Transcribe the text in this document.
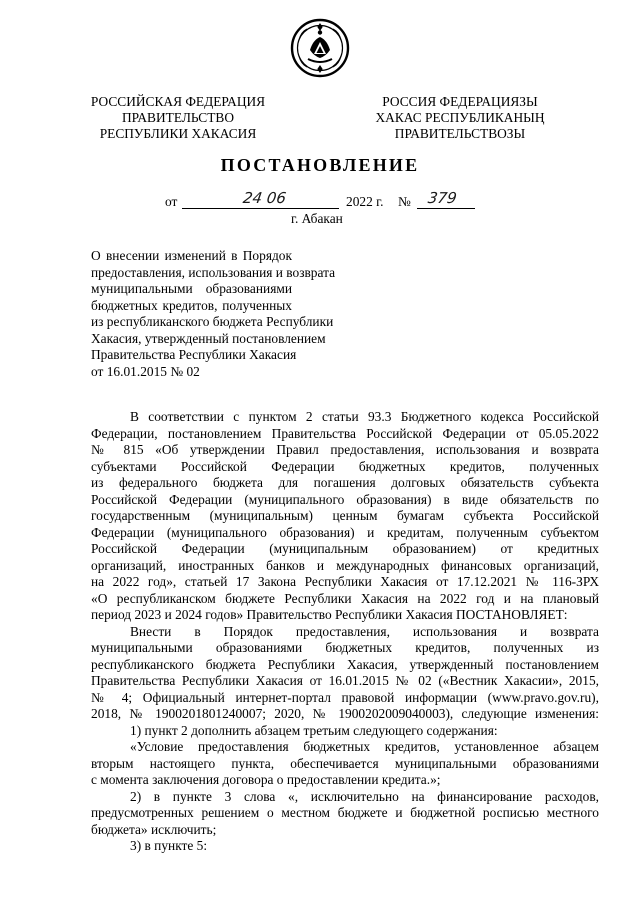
РОССИЙСКАЯ ФЕДЕРАЦИЯ
ПРАВИТЕЛЬСТВО
РЕСПУБЛИКИ ХАКАСИЯ
РОССИЯ ФЕДЕРАЦИЯЗЫ
ХАКАС РЕСПУБЛИКАНЫҢ
ПРАВИТЕЛЬСТВОЗЫ
ПОСТАНОВЛЕНИЕ
от	24 06	2022 г. № 379
г. Абакан
О внесении изменений в Порядок
предоставления, использования и возврата
муниципальными образованиями
бюджетных кредитов, полученных
из республиканского бюджета Республики
Хакасия, утвержденный постановлением
Правительства Республики Хакасия
от 16.01.2015 № 02
В соответствии с пунктом 2 статьи 93.3 Бюджетного кодекса Российской
Федерации, постановлением Правительства Российской Федерации от 05.05.2022
№ 815 «Об утверждении Правил предоставления, использования и возврата
субъектами Российской Федерации бюджетных кредитов, полученных
из федерального бюджета для погашения долговых обязательств субъекта
Российской Федерации (муниципального образования) в виде обязательств по
государственным (муниципальным) ценным бумагам субъекта Российской
Федерации (муниципального образования) и кредитам, полученным субъектом
Российской Федерации (муниципальным образованием) от кредитных
организаций, иностранных банков и международных финансовых организаций,
на 2022 год», статьей 17 Закона Республики Хакасия от 17.12.2021 № 116-ЗРХ
«О республиканском бюджете Республики Хакасия на 2022 год и на плановый
период 2023 и 2024 годов» Правительство Республики Хакасия ПОСТАНОВЛЯЕТ:
Внести в Порядок предоставления, использования и возврата
муниципальными образованиями бюджетных кредитов, полученных из
республиканского бюджета Республики Хакасия, утвержденный постановлением
Правительства Республики Хакасия от 16.01.2015 № 02 («Вестник Хакасии», 2015,
№ 4; Официальный интернет-портал правовой информации (www.pravo.gov.ru),
2018, № 1900201801240007; 2020, № 1900202009040003), следующие изменения:
1) пункт 2 дополнить абзацем третьим следующего содержания:
«Условие предоставления бюджетных кредитов, установленное абзацем
вторым настоящего пункта, обеспечивается муниципальными образованиями
с момента заключения договора о предоставлении кредита.»;
2) в пункте 3 слова «, исключительно на финансирование расходов,
предусмотренных решением о местном бюджете и бюджетной росписью местного
бюджета» исключить;
3) в пункте 5:
